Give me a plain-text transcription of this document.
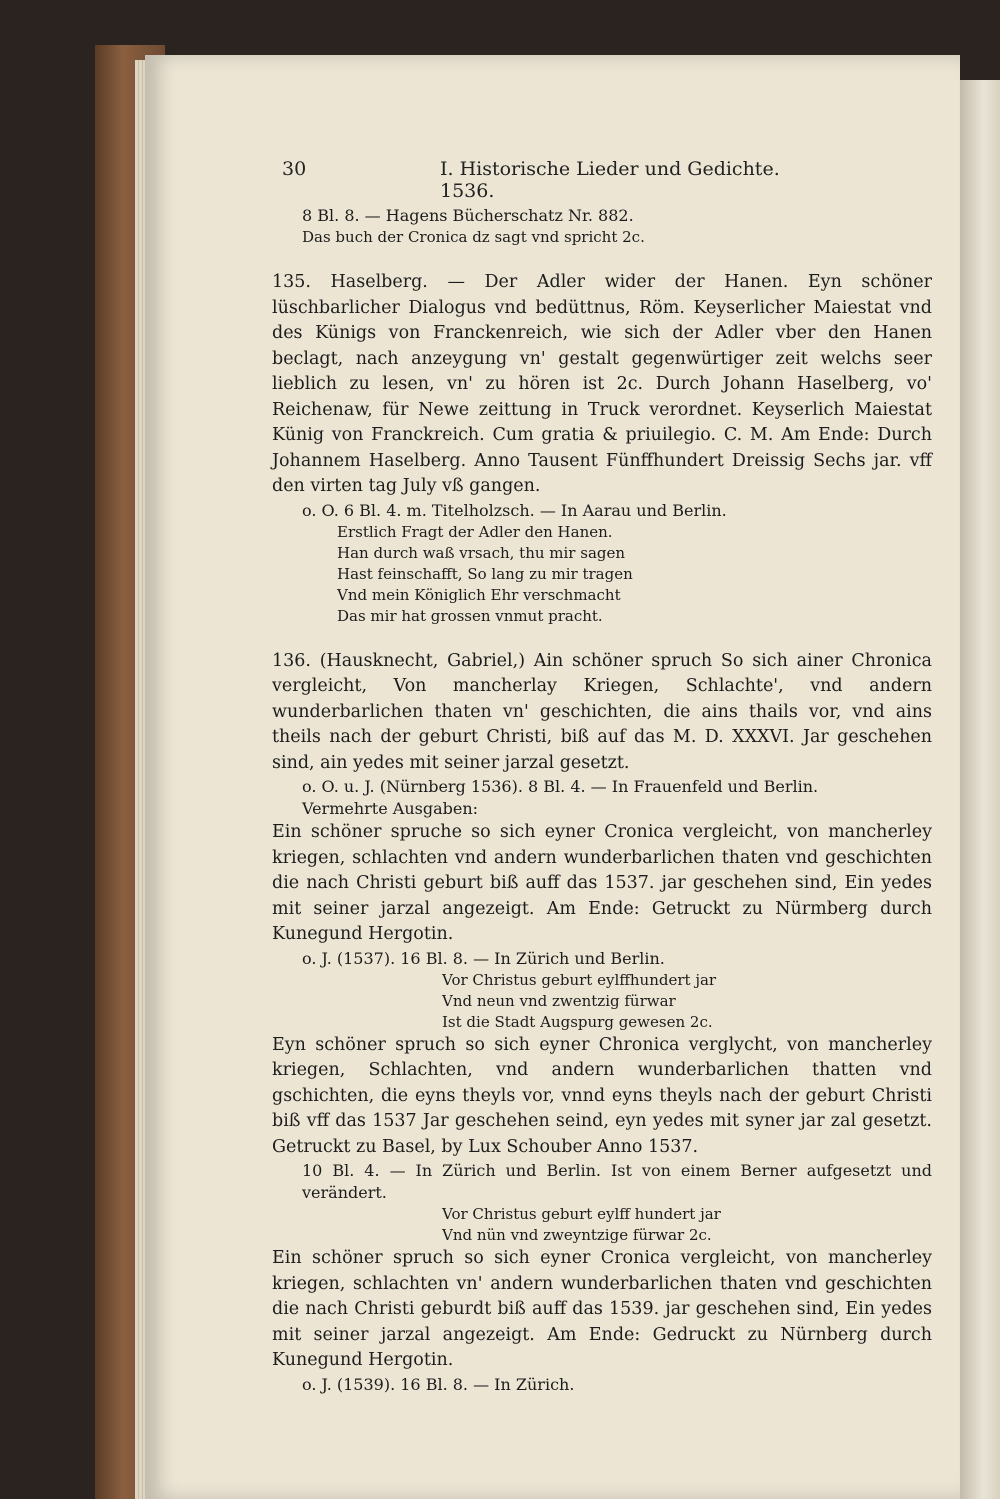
30	I. Historische Lieder und Gedichte. 1536.
8 Bl. 8. — Hagens Bücherschatz Nr. 882.
Das buch der Cronica dz sagt vnd spricht 2c.
135. Haselberg. — Der Adler wider der Hanen. Eyn schöner lüschbarlicher Dialogus vnd bedüttnus, Röm. Keyserlicher Maiestat vnd des Künigs von Franckenreich, wie sich der Adler vber den Hanen beclagt, nach anzeygung vn' gestalt gegenwürtiger zeit welchs seer lieblich zu lesen, vn' zu hören ist 2c. Durch Johann Haselberg, vo' Reichenaw, für Newe zeittung in Truck verordnet. Keyserlich Maiestat Künig von Franckreich. Cum gratia & priuilegio. C. M. Am Ende: Durch Johannem Haselberg. Anno Tausent Fünffhundert Dreissig Sechs jar. vff den virten tag July vß gangen.
o. O. 6 Bl. 4. m. Titelholzsch. — In Aarau und Berlin.
Erstlich Fragt der Adler den Hanen.
Han durch waß vrsach, thu mir sagen
Hast feinschafft, So lang zu mir tragen
Vnd mein Königlich Ehr verschmacht
Das mir hat grossen vnmut pracht.
136. (Hausknecht, Gabriel,) Ain schöner spruch So sich ainer Chronica vergleicht, Von mancherlay Kriegen, Schlachte', vnd andern wunderbarlichen thaten vn' geschichten, die ains thails vor, vnd ains theils nach der geburt Christi, biß auf das M. D. XXXVI. Jar geschehen sind, ain yedes mit seiner jarzal gesetzt.
o. O. u. J. (Nürnberg 1536). 8 Bl. 4. — In Frauenfeld und Berlin.
Vermehrte Ausgaben:
Ein schöner spruche so sich eyner Cronica vergleicht, von mancherley kriegen, schlachten vnd andern wunderbarlichen thaten vnd geschichten die nach Christi geburt biß auff das 1537. jar geschehen sind, Ein yedes mit seiner jarzal angezeigt. Am Ende: Getruckt zu Nürmberg durch Kunegund Hergotin.
o. J. (1537). 16 Bl. 8. — In Zürich und Berlin.
Vor Christus geburt eylffhundert jar
Vnd neun vnd zwentzig fürwar
Ist die Stadt Augspurg gewesen 2c.
Eyn schöner spruch so sich eyner Chronica verglycht, von mancherley kriegen, Schlachten, vnd andern wunderbarlichen thatten vnd gschichten, die eyns theyls vor, vnnd eyns theyls nach der geburt Christi biß vff das 1537 Jar geschehen seind, eyn yedes mit syner jar zal gesetzt. Getruckt zu Basel, by Lux Schouber Anno 1537.
10 Bl. 4. — In Zürich und Berlin. Ist von einem Berner aufgesetzt und verändert.
Vor Christus geburt eylff hundert jar
Vnd nün vnd zweyntzige fürwar 2c.
Ein schöner spruch so sich eyner Cronica vergleicht, von mancherley kriegen, schlachten vn' andern wunderbarlichen thaten vnd geschichten die nach Christi geburdt biß auff das 1539. jar geschehen sind, Ein yedes mit seiner jarzal angezeigt. Am Ende: Gedruckt zu Nürnberg durch Kunegund Hergotin.
o. J. (1539). 16 Bl. 8. — In Zürich.
